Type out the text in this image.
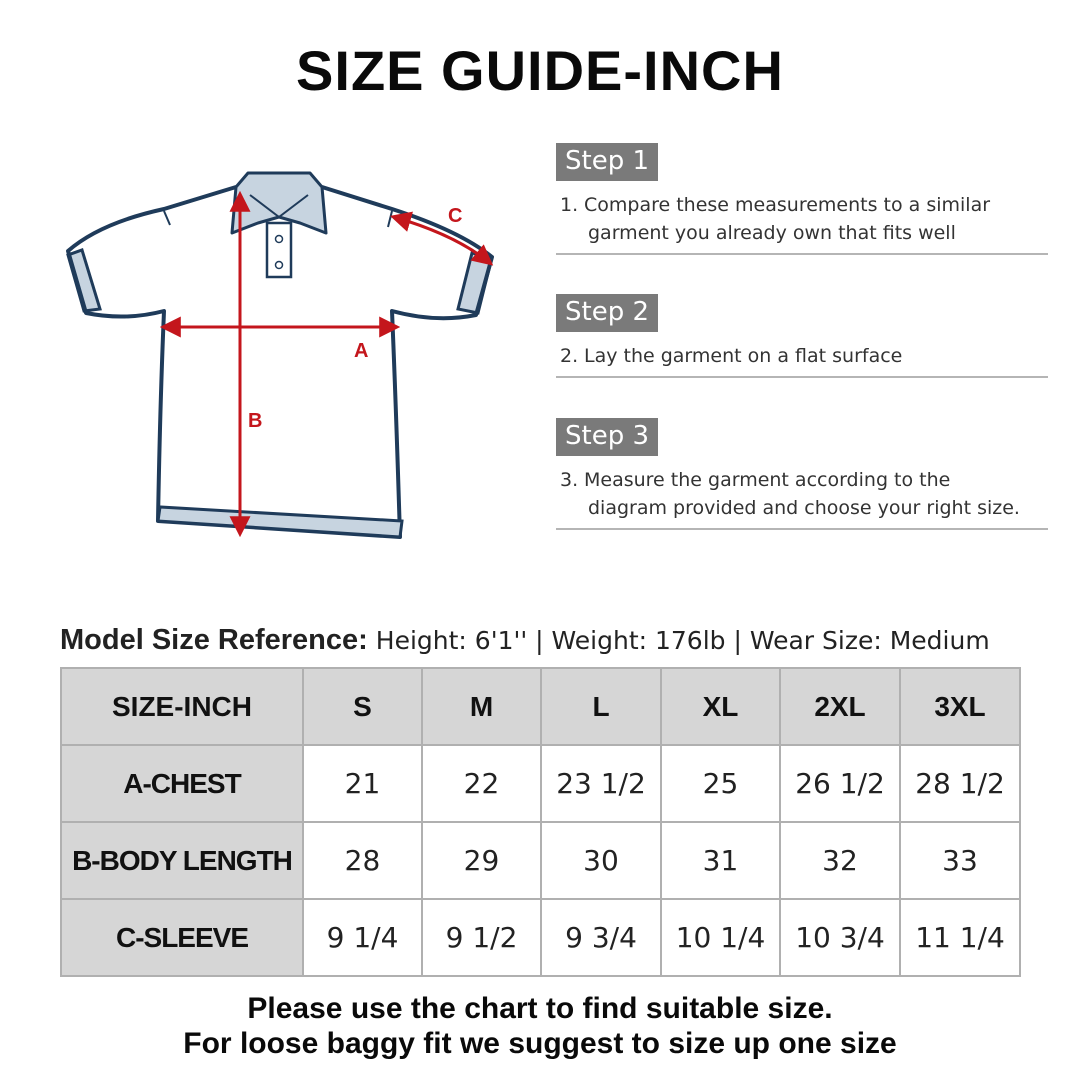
SIZE GUIDE-INCH
A
B
C
Step 1
1. Compare these measurements to a similar
garment you already own that fits well
Step 2
2. Lay the garment on a flat surface
Step 3
3. Measure the garment according to the
diagram provided and choose your right size.
Model Size Reference: Height: 6'1'' | Weight: 176lb | Wear Size: Medium
SIZE-INCH	S	M	L	XL	2XL	3XL
A-CHEST	21	22	23 1/2	25	26 1/2	28 1/2
B-BODY LENGTH	28	29	30	31	32	33
C-SLEEVE	9 1/4	9 1/2	9 3/4	10 1/4	10 3/4	11 1/4
Please use the chart to find suitable size.
For loose baggy fit we suggest to size up one size
